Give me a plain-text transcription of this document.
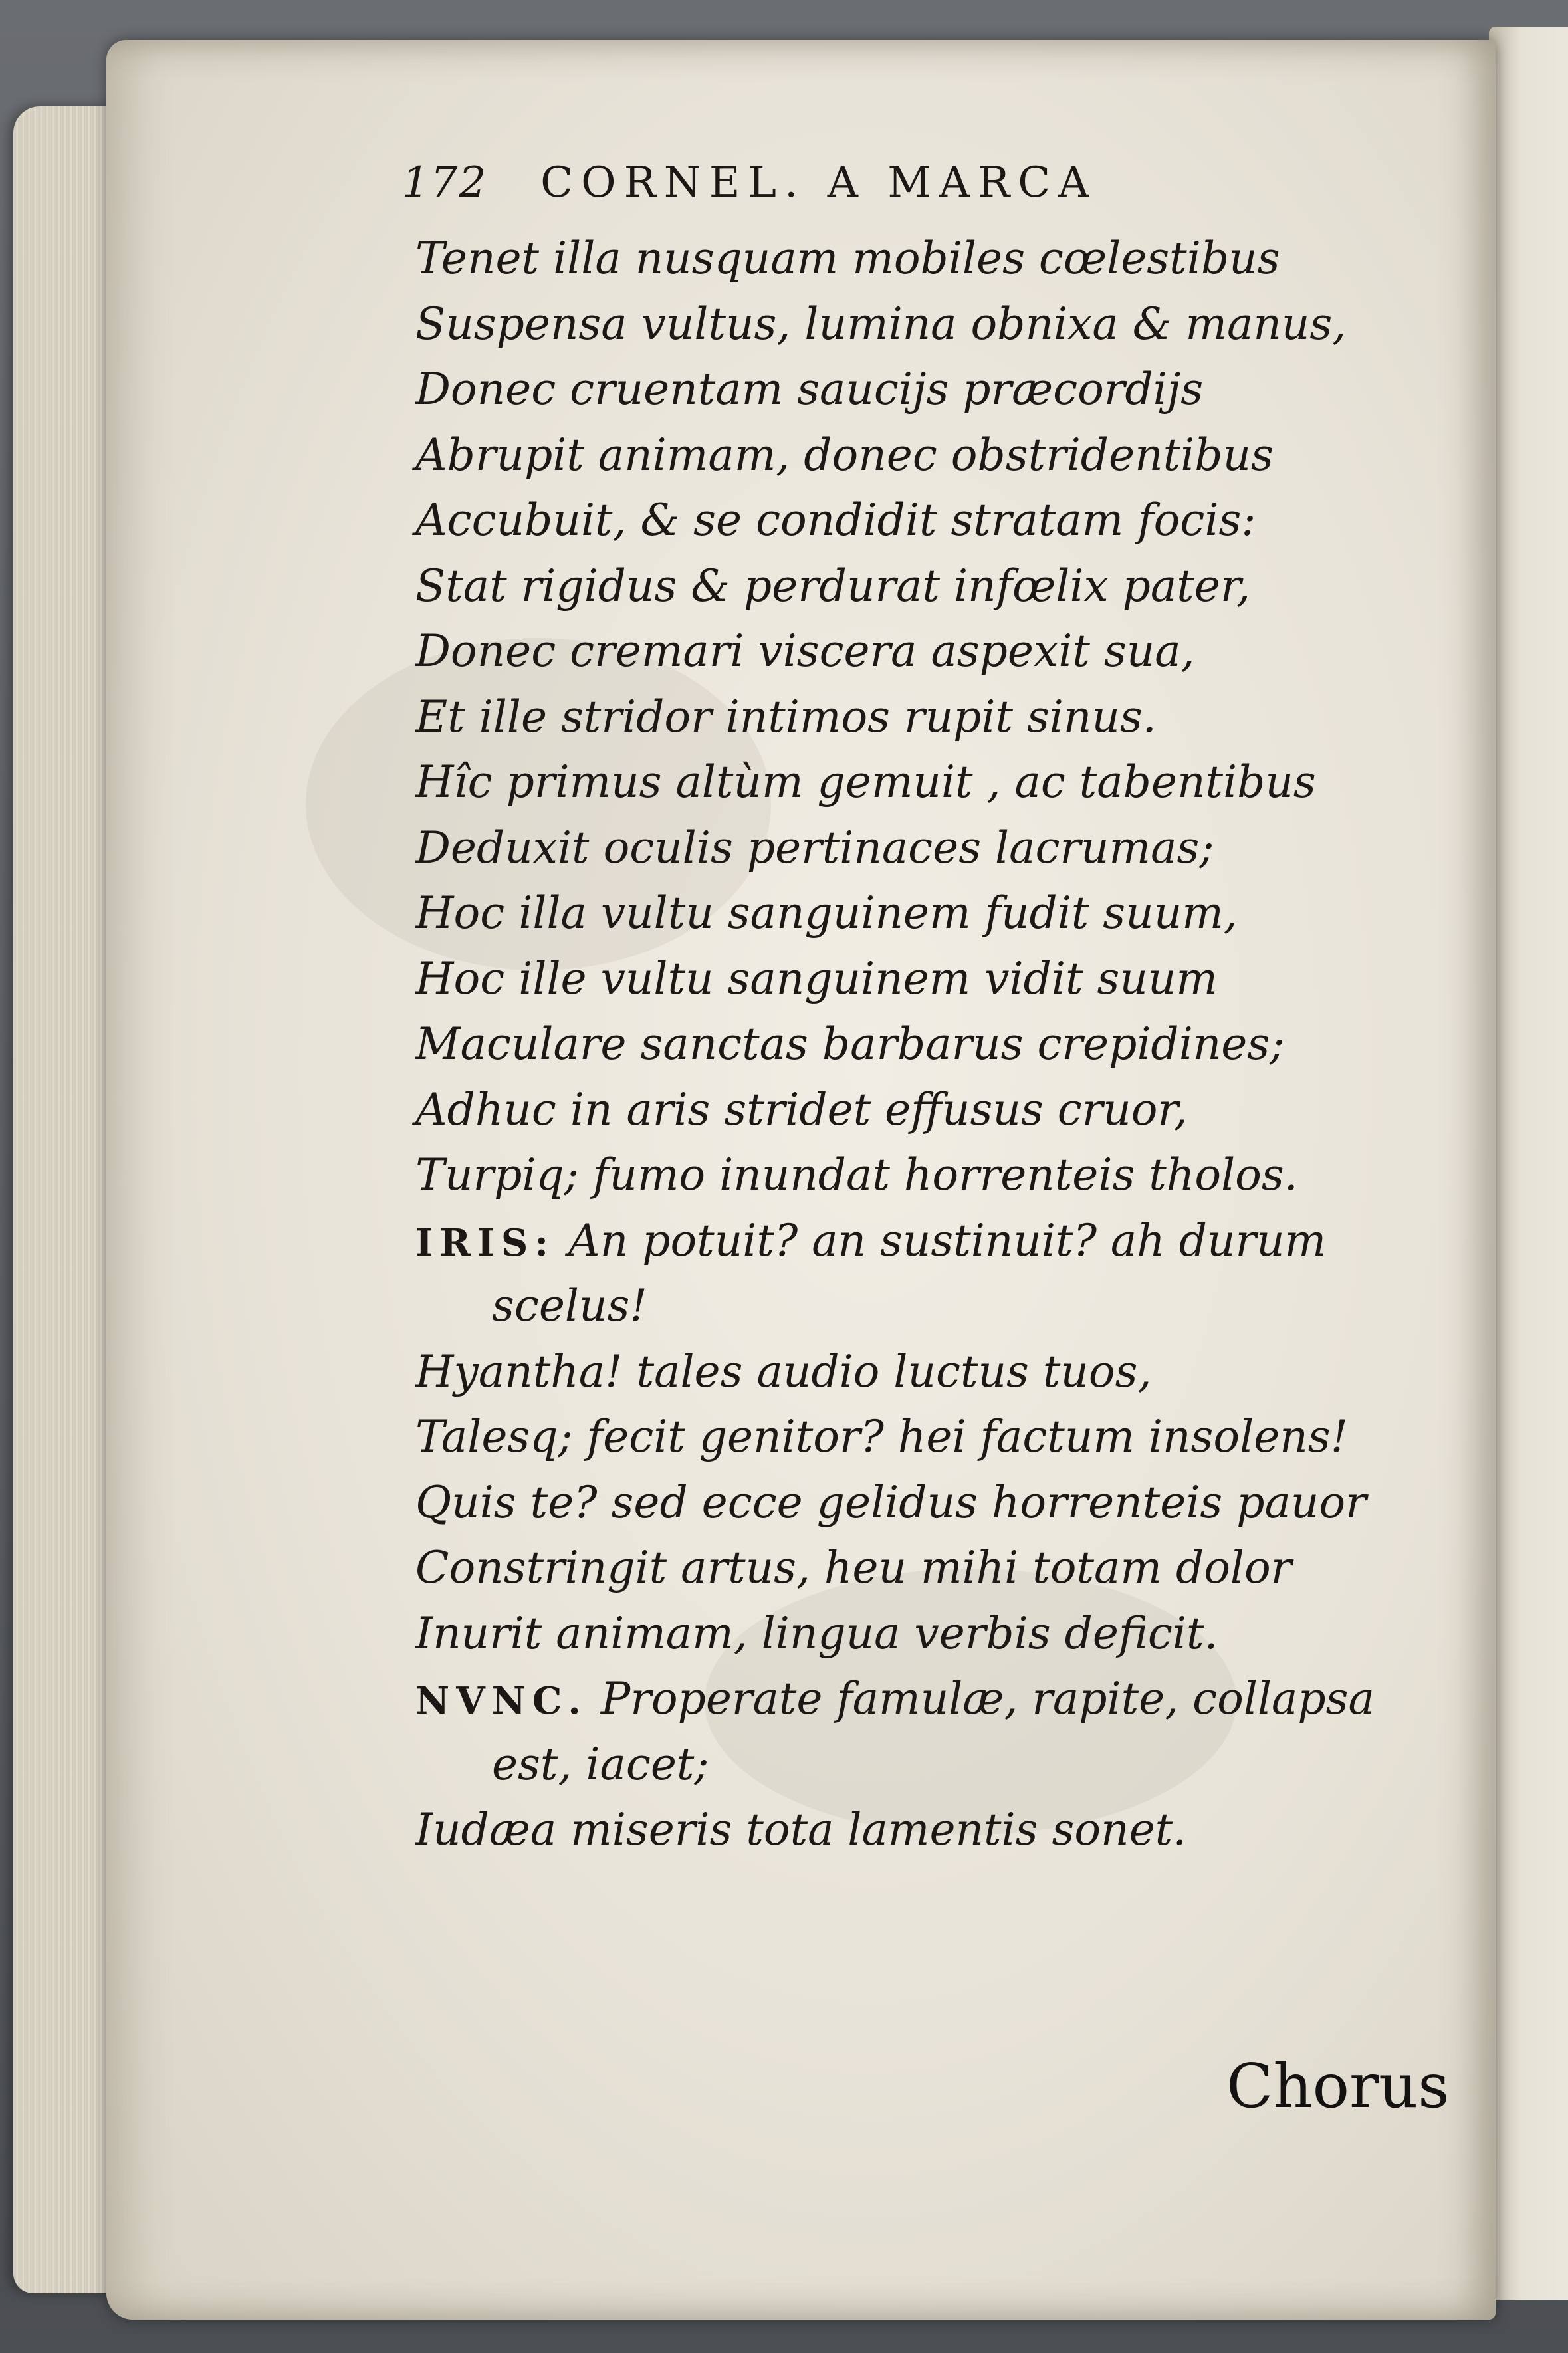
172 CORNEL. A MARCA
Tenet illa nusquam mobiles cœlestibus
Suspensa vultus, lumina obnixa & manus,
Donec cruentam saucijs præcordijs
Abrupit animam, donec obstridentibus
Accubuit, & se condidit stratam focis:
Stat rigidus & perdurat infœlix pater,
Donec cremari viscera aspexit sua,
Et ille stridor intimos rupit sinus.
Hîc primus altùm gemuit , ac tabentibus
Deduxit oculis pertinaces lacrumas;
Hoc illa vultu sanguinem fudit suum,
Hoc ille vultu sanguinem vidit suum
Maculare sanctas barbarus crepidines;
Adhuc in aris stridet effusus cruor,
Turpiq; fumo inundat horrenteis tholos.
IRIS: An potuit? an sustinuit? ah durum
scelus!
Hyantha! tales audio luctus tuos,
Talesq; fecit genitor? hei factum insolens!
Quis te? sed ecce gelidus horrenteis pauor
Constringit artus, heu mihi totam dolor
Inurit animam, lingua verbis deficit.
NVNC. Properate famulæ, rapite, collapsa
est, iacet;
Iudæa miseris tota lamentis sonet.
Chorus
